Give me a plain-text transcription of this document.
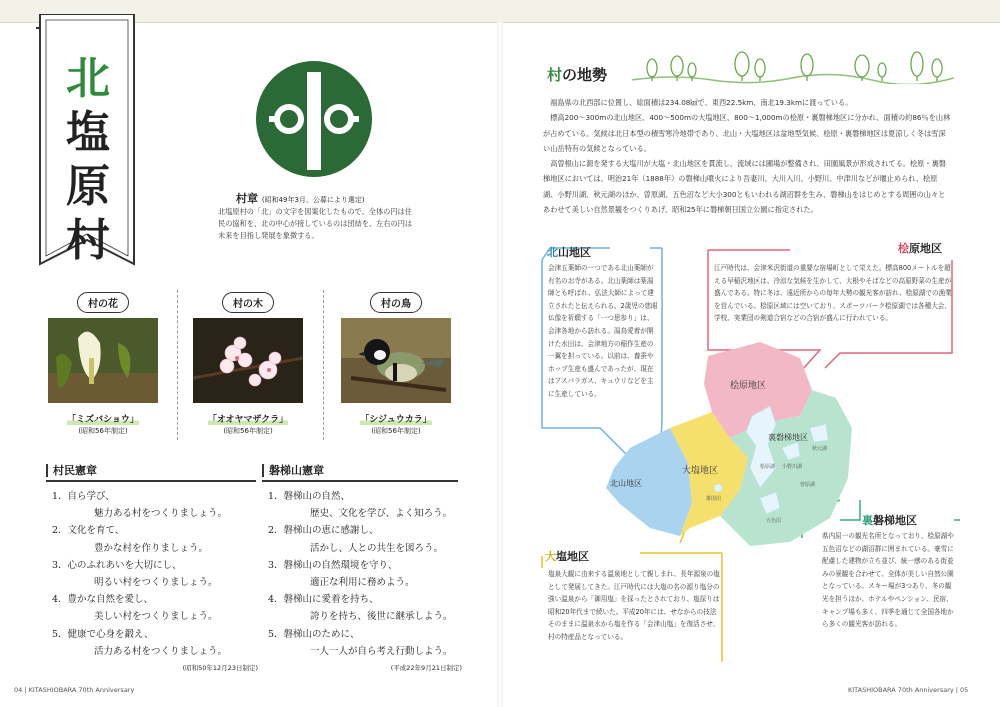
北
塩
原
村
村章 (昭和49年3月、公募により選定)
北塩原村の「北」の文字を図案化したもので、全体の円は住民の協和を、北の中心が接しているのは団結を、左右の円は未来を目指し発展を象徴する。
村の花
「ミズバショウ」
(昭和56年制定)
村の木
「オオヤマザクラ」
(昭和56年制定)
村の鳥
「シジュウカラ」
(昭和56年制定)
村民憲章
1．自ら学び、
魅力ある村をつくりましょう。
2．文化を育て、
豊かな村を作りましょう。
3．心のふれあいを大切にし、
明るい村をつくりましょう。
4．豊かな自然を愛し、
美しい村をつくりましょう。
5．健康で心身を鍛え、
活力ある村をつくりましょう。
(昭和50年12月23日制定)
磐梯山憲章
1．磐梯山の自然、
歴史、文化を学び、よく知ろう。
2．磐梯山の恵に感謝し、
活かし、人との共生を図ろう。
3．磐梯山の自然環境を守り、
適正な利用に務めよう。
4．磐梯山に愛着を持ち、
誇りを持ち、後世に継承しよう。
5．磐梯山のために、
一人一人が自ら考え行動しよう。
(平成22年9月21日制定)
04 | KITASHIOBARA 70th Anniversary	KITASHIOBARA 70th Anniversary | 05
村の地勢

福島県の北西部に位置し、総面積は234.08㎢で、東西22.5km、南北19.3kmに渡っている。

標高200～300mの北山地区、400～500mの大塩地区、800～1,000mの桧原・裏磐梯地区に分かれ、面積の約86％を山林が占めている。気候は北日本型の積雪寒冷地帯であり、北山・大塩地区は盆地型気候、桧原・裏磐梯地区は夏涼しく冬は雪深い山岳特有の気候となっている。

高曽根山に源を発する大塩川が大塩・北山地区を貫流し、流域には圃場が整備され、田園風景が形成されてる。桧原・裏磐梯地区においては、明治21年（1888年）の磐梯山噴火により吾妻川、大川入川、小野川、中津川などが堰止められ、桧原湖、小野川湖、秋元湖のほか、曽原湖、五色沼など大小300ともいわれる湖沼群を生み、磐梯山をはじめとする周囲の山々とあわせて美しい自然景観をつくりあげ、昭和25年に磐梯朝日国立公園に指定された。

北山地区
会津五薬師の一つである北山薬師が有名のお寺がある。北山薬師は薬湯師とも呼ばれ、弘法大師によって建立されたと伝えられる。2歳児の慈眼仏像を祈願する「一つ思参り」は、会津各地から訪れる。湯鳥愛着が開けた水田は、会津地方の稲作生産の一翼を担っている。以前は、養蚕やホップ生産も盛んであったが、現在はアスパラガス、キュウリなどを主に生産している。
桧原地区
江戸時代は、会津米沢街道の重要な宿場町として栄えた。標高800メートルを超える早稲沢地区は、冷涼な気候を生かして、大根やそばなどの高原野菜の生産が盛んである。特に冬は、遠近所からの毎年大勢の観光客が訪れ、桧原湖での漁業を営んでいる。桧原区域には空いており、スポーツパーク桧原湖では各種大会、学校、実業団の剣道合宿などの合宿が盛んに行われている。
大塩地区
塩泉大観に由来する温泉地として親しまれ、長年源泉の塩として発展してきた。江戸時代には大塩の名の源り塩分の強い温泉から「御用塩」を採ったとされており、塩採りは昭和20年代まで続いた。平成20年には、せなからの技法そのままに温泉水から塩を作る「会津山塩」を復活させ、村の特産品となっている。
裏磐梯地区
県内屈一の観光名所となっており、桧原湖や五色沼などの湖沼群に囲まれている。豪雪に配慮した建物が立ち並び、統一感のある街並みの景観を合わせて、全体が美しい自然公園となっている。スキー場が3つあり、冬の観光を担うほか、ホテルやペンション、民宿、キャンプ場も多く、四季を通じて全国各地から多くの観光客が訪れる。
北山地区
大塩地区
桧原地区
裏磐梯地区
桧原湖 小野川湖
秋元湖
五色沼
曽原湖
雄国沼
